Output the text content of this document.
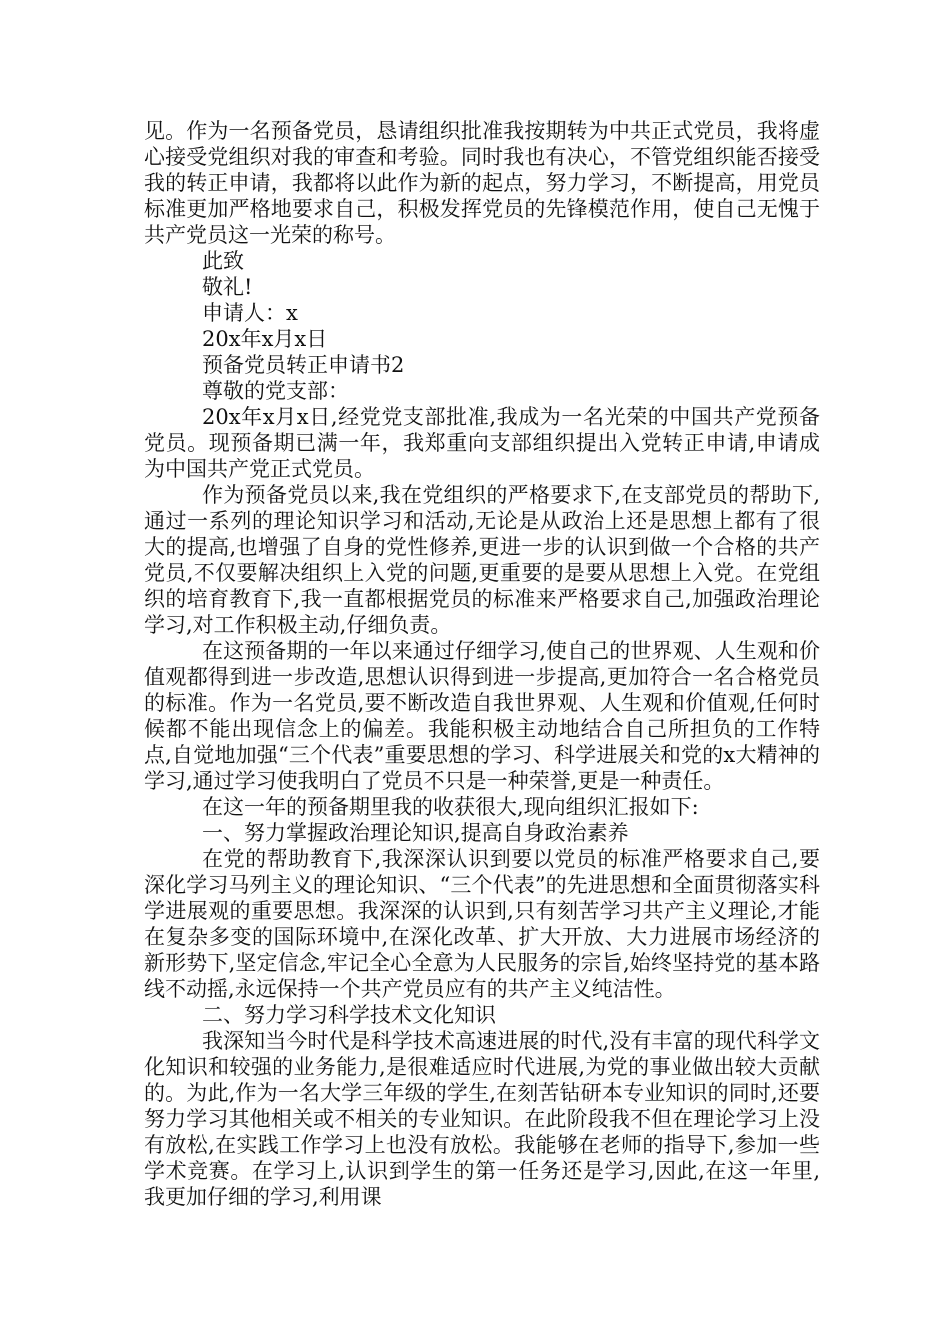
见。作为一名预备党员，恳请组织批准我按期转为中共正式党员，我将虚心接受党组织对我的审查和考验。同时我也有决心，不管党组织能否接受我的转正申请，我都将以此作为新的起点，努力学习，不断提高，用党员标准更加严格地要求自己，积极发挥党员的先锋模范作用，使自己无愧于共产党员这一光荣的称号。

此致

敬礼!

申请人：x

20x年x月x日

预备党员转正申请书2

尊敬的党支部：

20x年x月x日,经党党支部批准,我成为一名光荣的中国共产党预备党员。现预备期已满一年，我郑重向支部组织提出入党转正申请,申请成为中国共产党正式党员。

作为预备党员以来,我在党组织的严格要求下,在支部党员的帮助下,通过一系列的理论知识学习和活动,无论是从政治上还是思想上都有了很大的提高,也增强了自身的党性修养,更进一步的认识到做一个合格的共产党员,不仅要解决组织上入党的问题,更重要的是要从思想上入党。在党组织的培育教育下,我一直都根据党员的标准来严格要求自己,加强政治理论学习,对工作积极主动,仔细负责。

在这预备期的一年以来通过仔细学习,使自己的世界观、人生观和价值观都得到进一步改造,思想认识得到进一步提高,更加符合一名合格党员的标准。作为一名党员,要不断改造自我世界观、人生观和价值观,任何时候都不能出现信念上的偏差。我能积极主动地结合自己所担负的工作特点,自觉地加强“三个代表”重要思想的学习、科学进展关和党的x大精神的学习,通过学习使我明白了党员不只是一种荣誉,更是一种责任。

在这一年的预备期里我的收获很大,现向组织汇报如下:

一、努力掌握政治理论知识,提高自身政治素养

在党的帮助教育下,我深深认识到要以党员的标准严格要求自己,要深化学习马列主义的理论知识、“三个代表”的先进思想和全面贯彻落实科学进展观的重要思想。我深深的认识到,只有刻苦学习共产主义理论,才能在复杂多变的国际环境中,在深化改革、扩大开放、大力进展市场经济的新形势下,坚定信念,牢记全心全意为人民服务的宗旨,始终坚持党的基本路线不动摇,永远保持一个共产党员应有的共产主义纯洁性。

二、努力学习科学技术文化知识

我深知当今时代是科学技术高速进展的时代,没有丰富的现代科学文化知识和较强的业务能力,是很难适应时代进展,为党的事业做出较大贡献的。为此,作为一名大学三年级的学生,在刻苦钻研本专业知识的同时,还要努力学习其他相关或不相关的专业知识。在此阶段我不但在理论学习上没有放松,在实践工作学习上也没有放松。我能够在老师的指导下,参加一些学术竞赛。在学习上,认识到学生的第一任务还是学习,因此,在这一年里,我更加仔细的学习,利用课
